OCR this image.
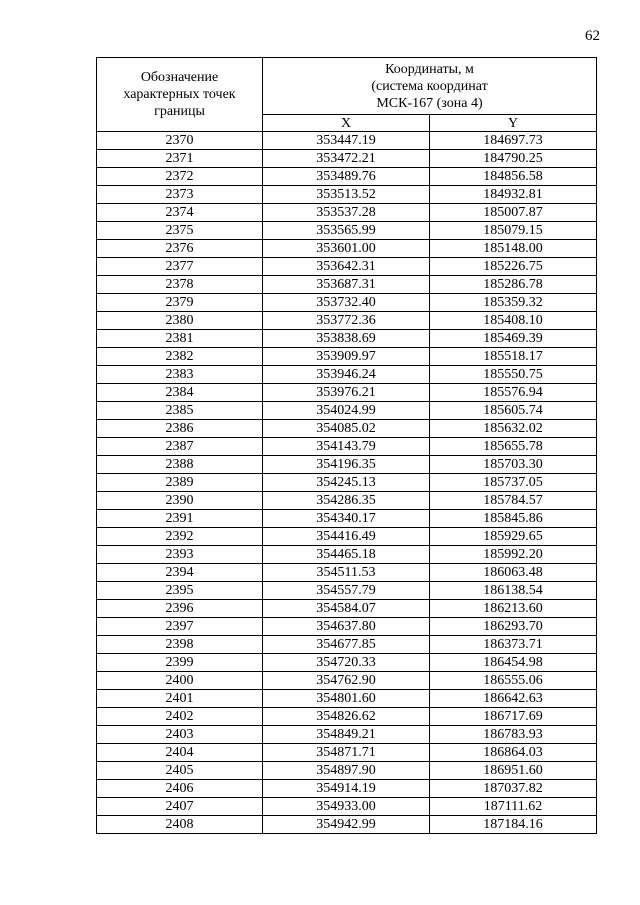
62
Обозначение характерных точек границы	Координаты, м
(система координат
МСК-167 (зона 4)	

	X	Y
2370	353447.19	184697.73
2371	353472.21	184790.25
2372	353489.76	184856.58
2373	353513.52	184932.81
2374	353537.28	185007.87
2375	353565.99	185079.15
2376	353601.00	185148.00
2377	353642.31	185226.75
2378	353687.31	185286.78
2379	353732.40	185359.32
2380	353772.36	185408.10
2381	353838.69	185469.39
2382	353909.97	185518.17
2383	353946.24	185550.75
2384	353976.21	185576.94
2385	354024.99	185605.74
2386	354085.02	185632.02
2387	354143.79	185655.78
2388	354196.35	185703.30
2389	354245.13	185737.05
2390	354286.35	185784.57
2391	354340.17	185845.86
2392	354416.49	185929.65
2393	354465.18	185992.20
2394	354511.53	186063.48
2395	354557.79	186138.54
2396	354584.07	186213.60
2397	354637.80	186293.70
2398	354677.85	186373.71
2399	354720.33	186454.98
2400	354762.90	186555.06
2401	354801.60	186642.63
2402	354826.62	186717.69
2403	354849.21	186783.93
2404	354871.71	186864.03
2405	354897.90	186951.60
2406	354914.19	187037.82
2407	354933.00	187111.62
2408	354942.99	187184.16
